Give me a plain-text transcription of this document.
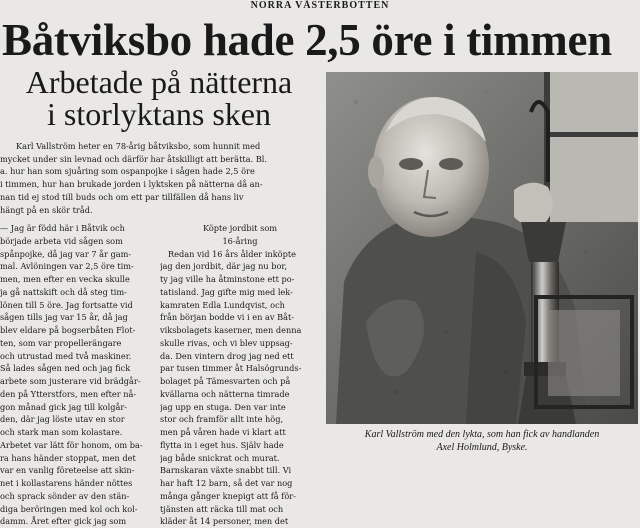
NORRA VÄSTERBOTTEN
Båtviksbo hade 2,5 öre i timmen
Arbetade på nätterna
i storlyktans sken
Karl Vallström heter en 78-årig båtviksbo, som hunnit med
mycket under sin levnad och därför har åtskilligt att berätta. Bl.
a. hur han som sjuåring som ospanpojke i sågen hade 2,5 öre
i timmen, hur han brukade jorden i lyktsken på nätterna då an-
nan tid ej stod till buds och om ett par tillfällen då hans liv
hängt på en skör tråd.
— Jag är född här i Båtvik och
började arbeta vid sågen som
spånpojke, då jag var 7 år gam-
mal. Avlöningen var 2,5 öre tim-
men, men efter en vecka skulle
ja gå nattskift och då steg tim-
lönen till 5 öre. Jag fortsatte vid
sågen tills jag var 15 år, då jag
blev eldare på bogserbåten Flot-
ten, som var propellerängare
och utrustad med två maskiner.
Så lades sågen ned och jag fick
arbete som justerare vid brädgår-
den på Ytterstfors, men efter nå-
gon månad gick jag till kolgår-
den, där jag löste utav en stor
och stark man som kolastare.
Arbetet var lätt för honom, om ba-
ra hans händer stoppat, men det
var en vanlig företeelse att skin-
net i kollastarens händer nöttes
och sprack sönder av den stän-
diga beröringen med kol och kol-
damm. Året efter gick jag som
Köpte jordbit som
16-åring
Redan vid 16 års ålder inköpte
jag den jordbit, där jag nu bor,
ty jag ville ha åtminstone ett po-
tatisland. Jag gifte mig med lek-
kamraten Edla Lundqvist, och
från början bodde vi i en av Båt-
viksbolagets kaserner, men denna
skulle rivas, och vi blev uppsag-
da. Den vintern drog jag ned ett
par tusen timmer åt Halsögrunds-
bolaget på Tämesvarten och på
kvällarna och nätterna timrade
jag upp en stuga. Den var inte
stor och framför allt inte hög,
men på våren hade vi klart att
flytta in i eget hus. Själv hade
jag både snickrat och murat.
Barnskaran växte snabbt till. Vi
har haft 12 barn, så det var nog
många gånger knepigt att få för-
tjänsten att räcka till mat och
kläder åt 14 personer, men det
Karl Vallström med den lykta, som han fick av handlanden
Axel Holmlund, Byske.
